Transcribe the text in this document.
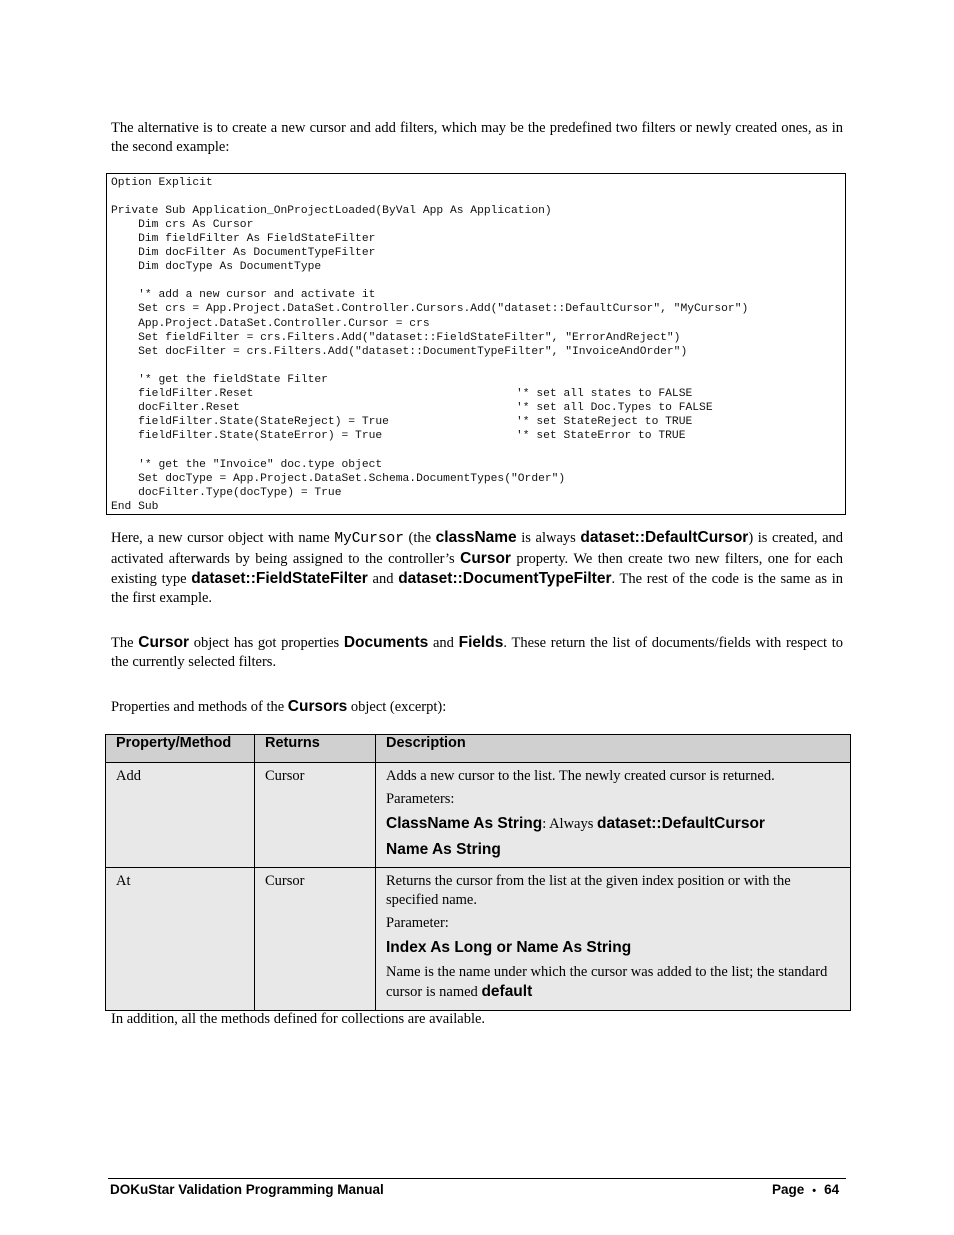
The alternative is to create a new cursor and add filters, which may be the predefined two filters or newly created ones, as in the second example:

Option Explicit
Private Sub Application_OnProjectLoaded(ByVal App As Application)
Dim crs As Cursor
Dim fieldFilter As FieldStateFilter
Dim docFilter As DocumentTypeFilter
Dim docType As DocumentType
'* add a new cursor and activate it
Set crs = App.Project.DataSet.Controller.Cursors.Add("dataset::DefaultCursor", "MyCursor")
App.Project.DataSet.Controller.Cursor = crs
Set fieldFilter = crs.Filters.Add("dataset::FieldStateFilter", "ErrorAndReject")
Set docFilter = crs.Filters.Add("dataset::DocumentTypeFilter", "InvoiceAndOrder")
'* get the fieldState Filter
fieldFilter.Reset
docFilter.Reset
fieldFilter.State(StateReject) = True
fieldFilter.State(StateError) = True
'* get the "Invoice" doc.type object
Set docType = App.Project.DataSet.Schema.DocumentTypes("Order")
docFilter.Type(docType) = True
End Sub
'* set all states to FALSE
'* set all Doc.Types to FALSE
'* set StateReject to TRUE
'* set StateError to TRUE

Here, a new cursor object with name MyCursor (the className is always dataset::DefaultCursor) is created, and activated afterwards by being assigned to the controller’s Cursor property. We then create two new filters, one for each existing type dataset::FieldStateFilter and dataset::DocumentTypeFilter. The rest of the code is the same as in the first example.

The Cursor object has got properties Documents and Fields. These return the list of documents/fields with respect to the currently selected filters.

Properties and methods of the Cursors object (excerpt):

Property/Method	Returns	Description

Add	Cursor	Adds a new cursor to the list. The newly created cursor is returned.

Parameters:

ClassName As String: Always dataset::DefaultCursor
Name As String

At	Cursor	Returns the cursor from the list at the given index position or with the specified name.

Parameter:

Index As Long or Name As String

Name is the name under which the cursor was added to the list; the standard cursor is named default

In addition, all the methods defined for collections are available.

DOKuStar Validation Programming Manual	Page • 64
